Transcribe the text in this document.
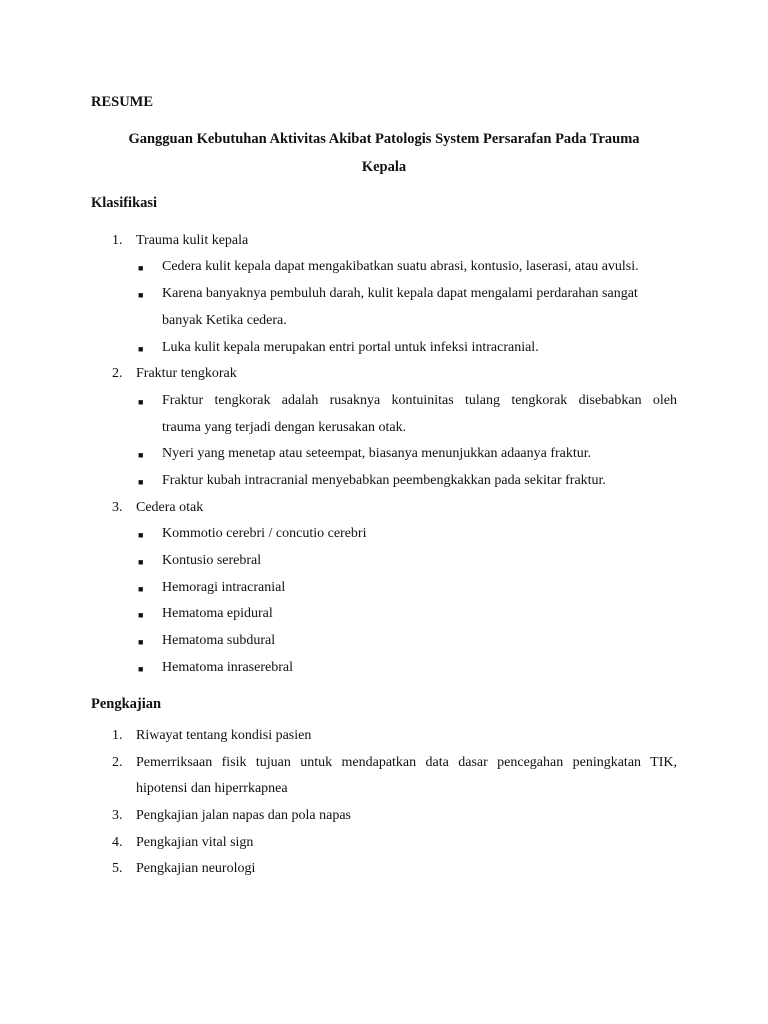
RESUME
Gangguan Kebutuhan Aktivitas Akibat Patologis System Persarafan Pada Trauma
Kepala
Klasifikasi
1. Trauma kulit kepala
■ Cedera kulit kepala dapat mengakibatkan suatu abrasi, kontusio, laserasi, atau avulsi.
■ Karena banyaknya pembuluh darah, kulit kepala dapat mengalami perdarahan sangat
banyak Ketika cedera.
■ Luka kulit kepala merupakan entri portal untuk infeksi intracranial.
2. Fraktur tengkorak
■ Fraktur tengkorak adalah rusaknya kontuinitas tulang tengkorak disebabkan oleh
trauma yang terjadi dengan kerusakan otak.
■ Nyeri yang menetap atau seteempat, biasanya menunjukkan adaanya fraktur.
■ Fraktur kubah intracranial menyebabkan peembengkakkan pada sekitar fraktur.
3. Cedera otak
■ Kommotio cerebri / concutio cerebri
■ Kontusio serebral
■ Hemoragi intracranial
■ Hematoma epidural
■ Hematoma subdural
■ Hematoma inraserebral
Pengkajian
1. Riwayat tentang kondisi pasien
2. Pemerriksaan fisik tujuan untuk mendapatkan data dasar pencegahan peningkatan TIK,
hipotensi dan hiperrkapnea
3. Pengkajian jalan napas dan pola napas
4. Pengkajian vital sign
5. Pengkajian neurologi
